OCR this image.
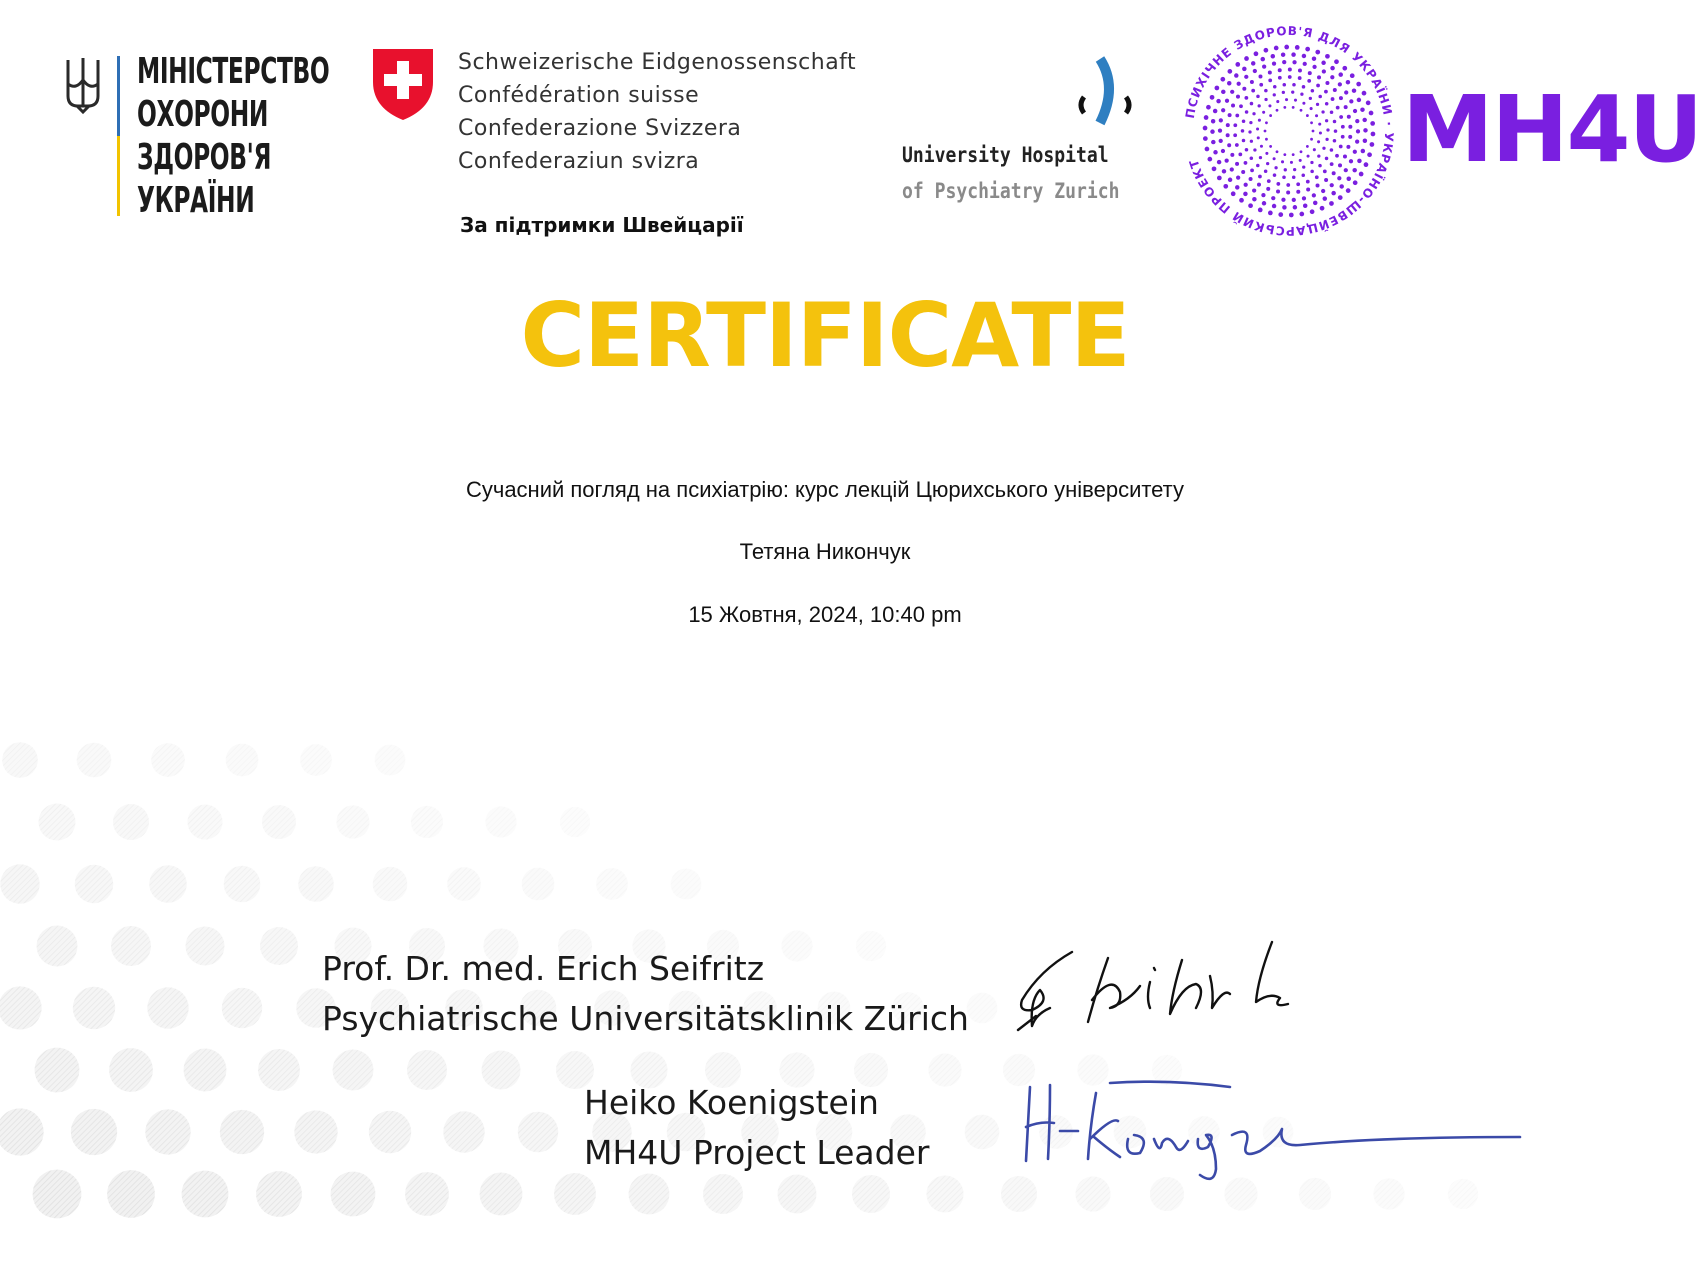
МІНІСТЕРСТВО
ОХОРОНИ
ЗДОРОВ'Я
УКРАЇНИ
Schweizerische Eidgenossenschaft
Confédération suisse
Confederazione Svizzera
Confederaziun svizra
За підтримки Швейцарії
University Hospital
of Psychiatry Zurich
ПСИХІЧНЕ ЗДОРОВ'Я ДЛЯ УКРАЇНИ · УКРАЇНО-ШВЕЙЦАРСЬКИЙ ПРОЕКТ	MH4U
CERTIFICATE
Сучасний погляд на психіатрію: курс лекцій Цюрихського університету
Тетяна Никончук
15 Жовтня, 2024, 10:40 pm
Prof. Dr. med. Erich Seifritz
Psychiatrische Universitätsklinik Zürich
Heiko Koenigstein
MH4U Project Leader
